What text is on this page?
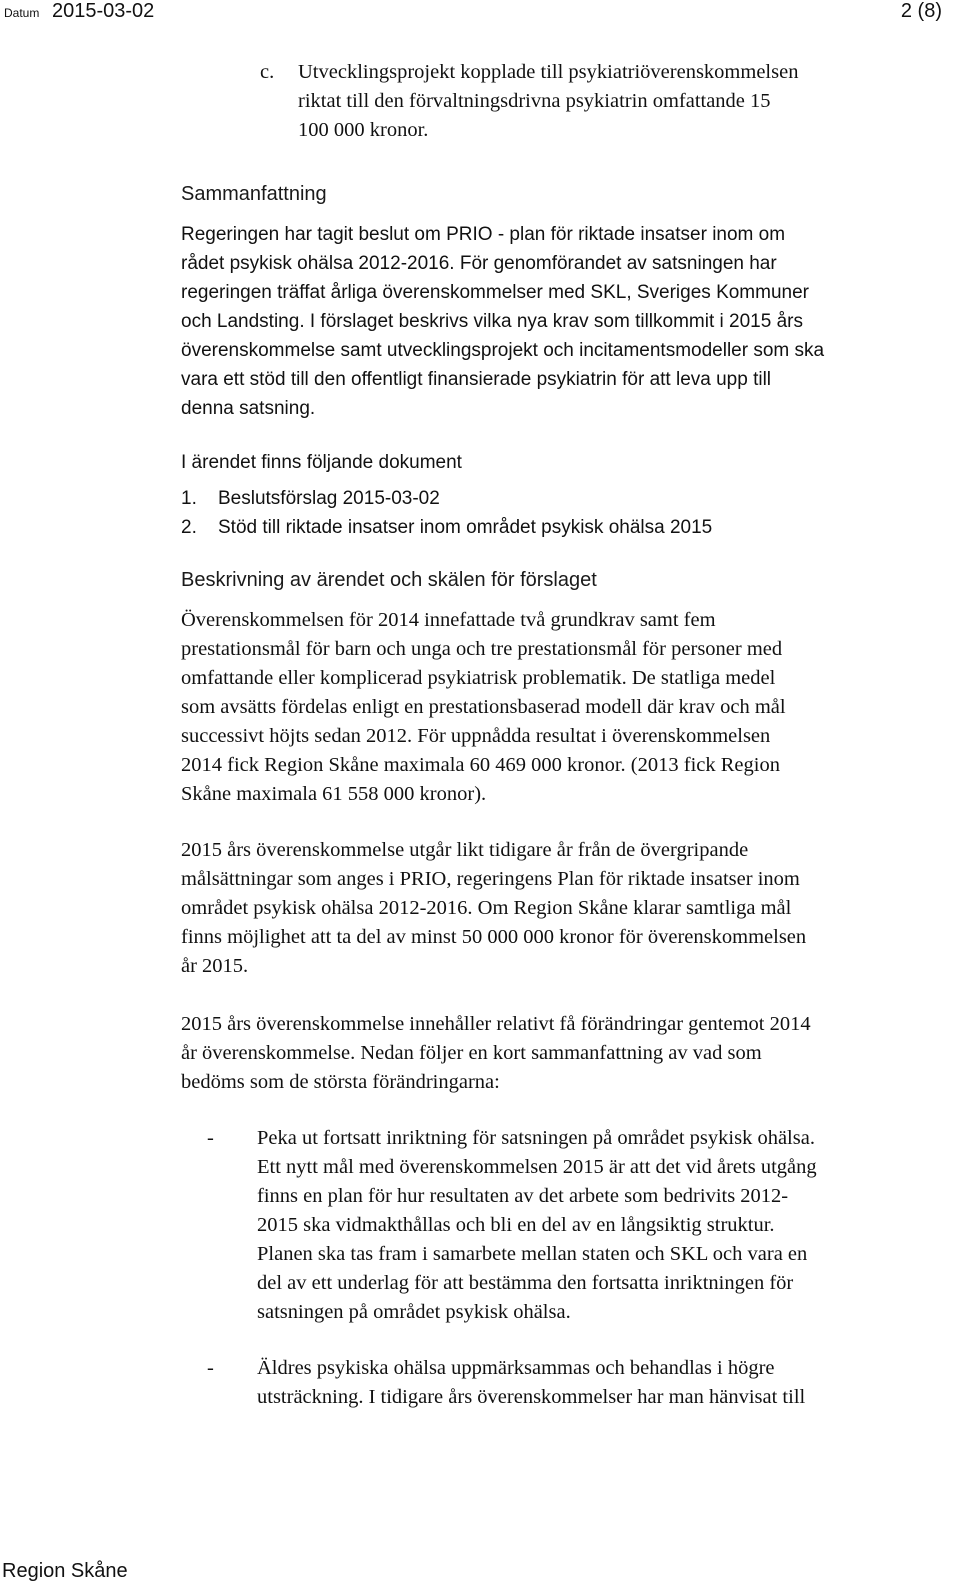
Datum 2015-03-02	2 (8)
c. Utvecklingsprojekt kopplade till psykiatriöverenskommelsen

riktat till den förvaltningsdrivna psykiatrin omfattande 15

100 000 kronor.

Sammanfattning

Regeringen har tagit beslut om PRIO - plan för riktade insatser inom om

rådet psykisk ohälsa 2012-2016. För genomförandet av satsningen har

regeringen träffat årliga överenskommelser med SKL, Sveriges Kommuner

och Landsting. I förslaget beskrivs vilka nya krav som tillkommit i 2015 års

överenskommelse samt utvecklingsprojekt och incitamentsmodeller som ska

vara ett stöd till den offentligt finansierade psykiatrin för att leva upp till

denna satsning.

I ärendet finns följande dokument
1. Beslutsförslag 2015-03-02
2. Stöd till riktade insatser inom området psykisk ohälsa 2015
Beskrivning av ärendet och skälen för förslaget

Överenskommelsen för 2014 innefattade två grundkrav samt fem

prestationsmål för barn och unga och tre prestationsmål för personer med

omfattande eller komplicerad psykiatrisk problematik. De statliga medel

som avsätts fördelas enligt en prestationsbaserad modell där krav och mål

successivt höjts sedan 2012. För uppnådda resultat i överenskommelsen

2014 fick Region Skåne maximala 60 469 000 kronor. (2013 fick Region

Skåne maximala 61 558 000 kronor).

2015 års överenskommelse utgår likt tidigare år från de övergripande

målsättningar som anges i PRIO, regeringens Plan för riktade insatser inom

området psykisk ohälsa 2012-2016. Om Region Skåne klarar samtliga mål

finns möjlighet att ta del av minst 50 000 000 kronor för överenskommelsen

år 2015.

2015 års överenskommelse innehåller relativt få förändringar gentemot 2014

år överenskommelse. Nedan följer en kort sammanfattning av vad som

bedöms som de största förändringarna:

- Peka ut fortsatt inriktning för satsningen på området psykisk ohälsa.

Ett nytt mål med överenskommelsen 2015 är att det vid årets utgång

finns en plan för hur resultaten av det arbete som bedrivits 2012-

2015 ska vidmakthållas och bli en del av en långsiktig struktur.

Planen ska tas fram i samarbete mellan staten och SKL och vara en

del av ett underlag för att bestämma den fortsatta inriktningen för

satsningen på området psykisk ohälsa.

- Äldres psykiska ohälsa uppmärksammas och behandlas i högre

utsträckning. I tidigare års överenskommelser har man hänvisat till

Region Skåne
